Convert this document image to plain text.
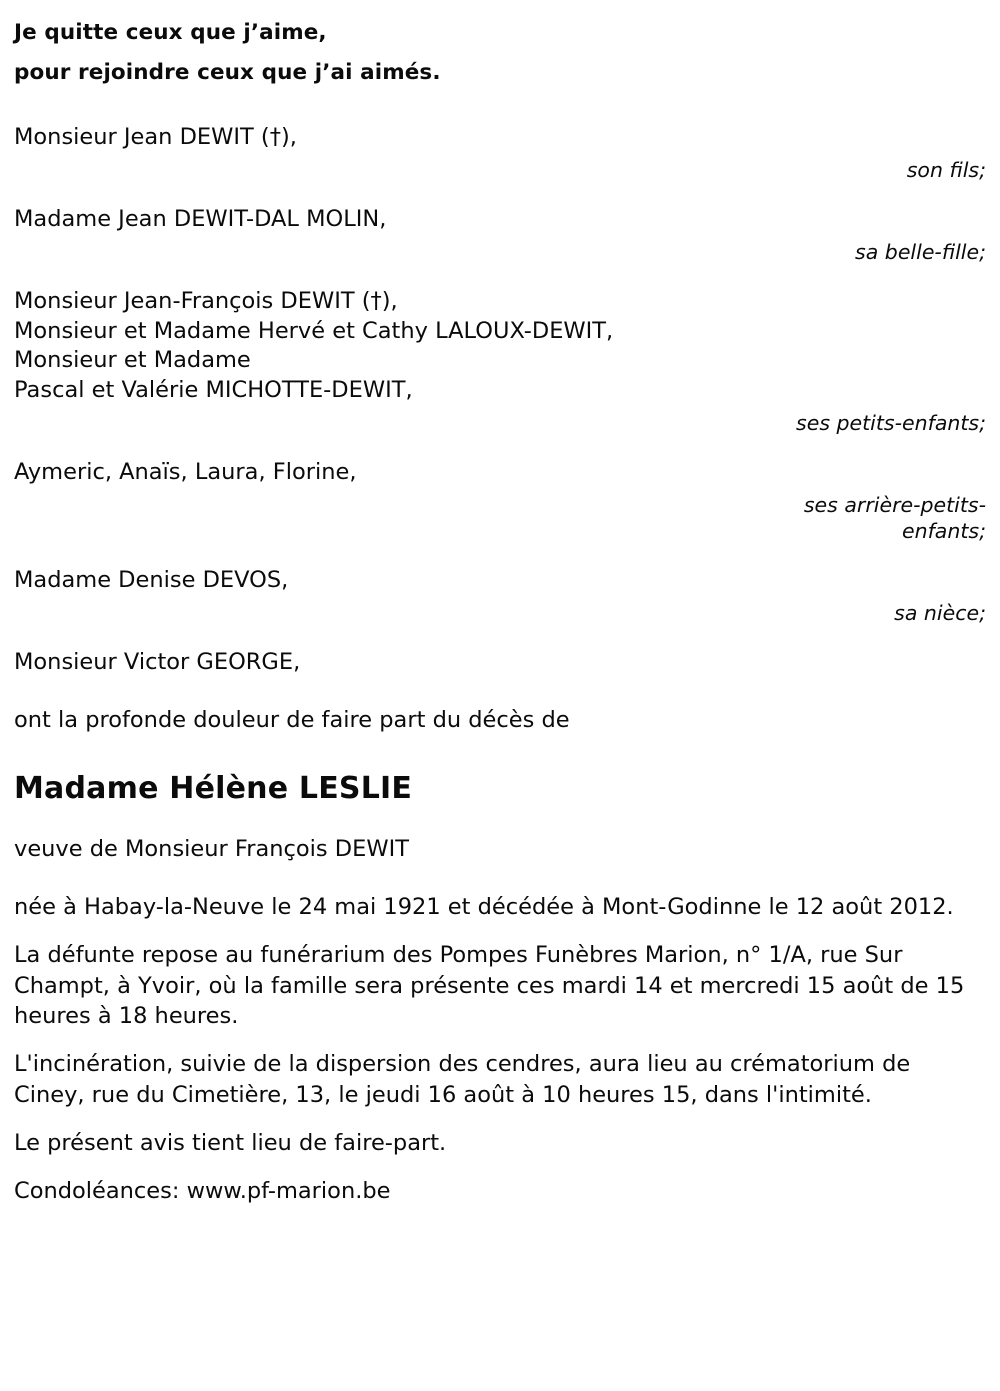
Je quitte ceux que j’aime,
pour rejoindre ceux que j’ai aimés.
Monsieur Jean DEWIT (†),
son fils;
Madame Jean DEWIT-DAL MOLIN,
sa belle-fille;
Monsieur Jean-François DEWIT (†),
Monsieur et Madame Hervé et Cathy LALOUX-DEWIT,
Monsieur et Madame
Pascal et Valérie MICHOTTE-DEWIT,
ses petits-enfants;
Aymeric, Anaïs, Laura, Florine,
ses arrière-petits-
enfants;
Madame Denise DEVOS,
sa nièce;
Monsieur Victor GEORGE,
ont la profonde douleur de faire part du décès de
Madame Hélène LESLIE
veuve de Monsieur François DEWIT

née à Habay-la-Neuve le 24 mai 1921 et décédée à Mont-Godinne le 12 août 2012.

La défunte repose au funérarium des Pompes Funèbres Marion, n° 1/A, rue Sur Champt, à Yvoir, où la famille sera présente ces mardi 14 et mercredi 15 août de 15 heures à 18 heures.

L'incinération, suivie de la dispersion des cendres, aura lieu au crématorium de Ciney, rue du Cimetière, 13, le jeudi 16 août à 10 heures 15, dans l'intimité.

Le présent avis tient lieu de faire-part.

Condoléances: www.pf-marion.be
